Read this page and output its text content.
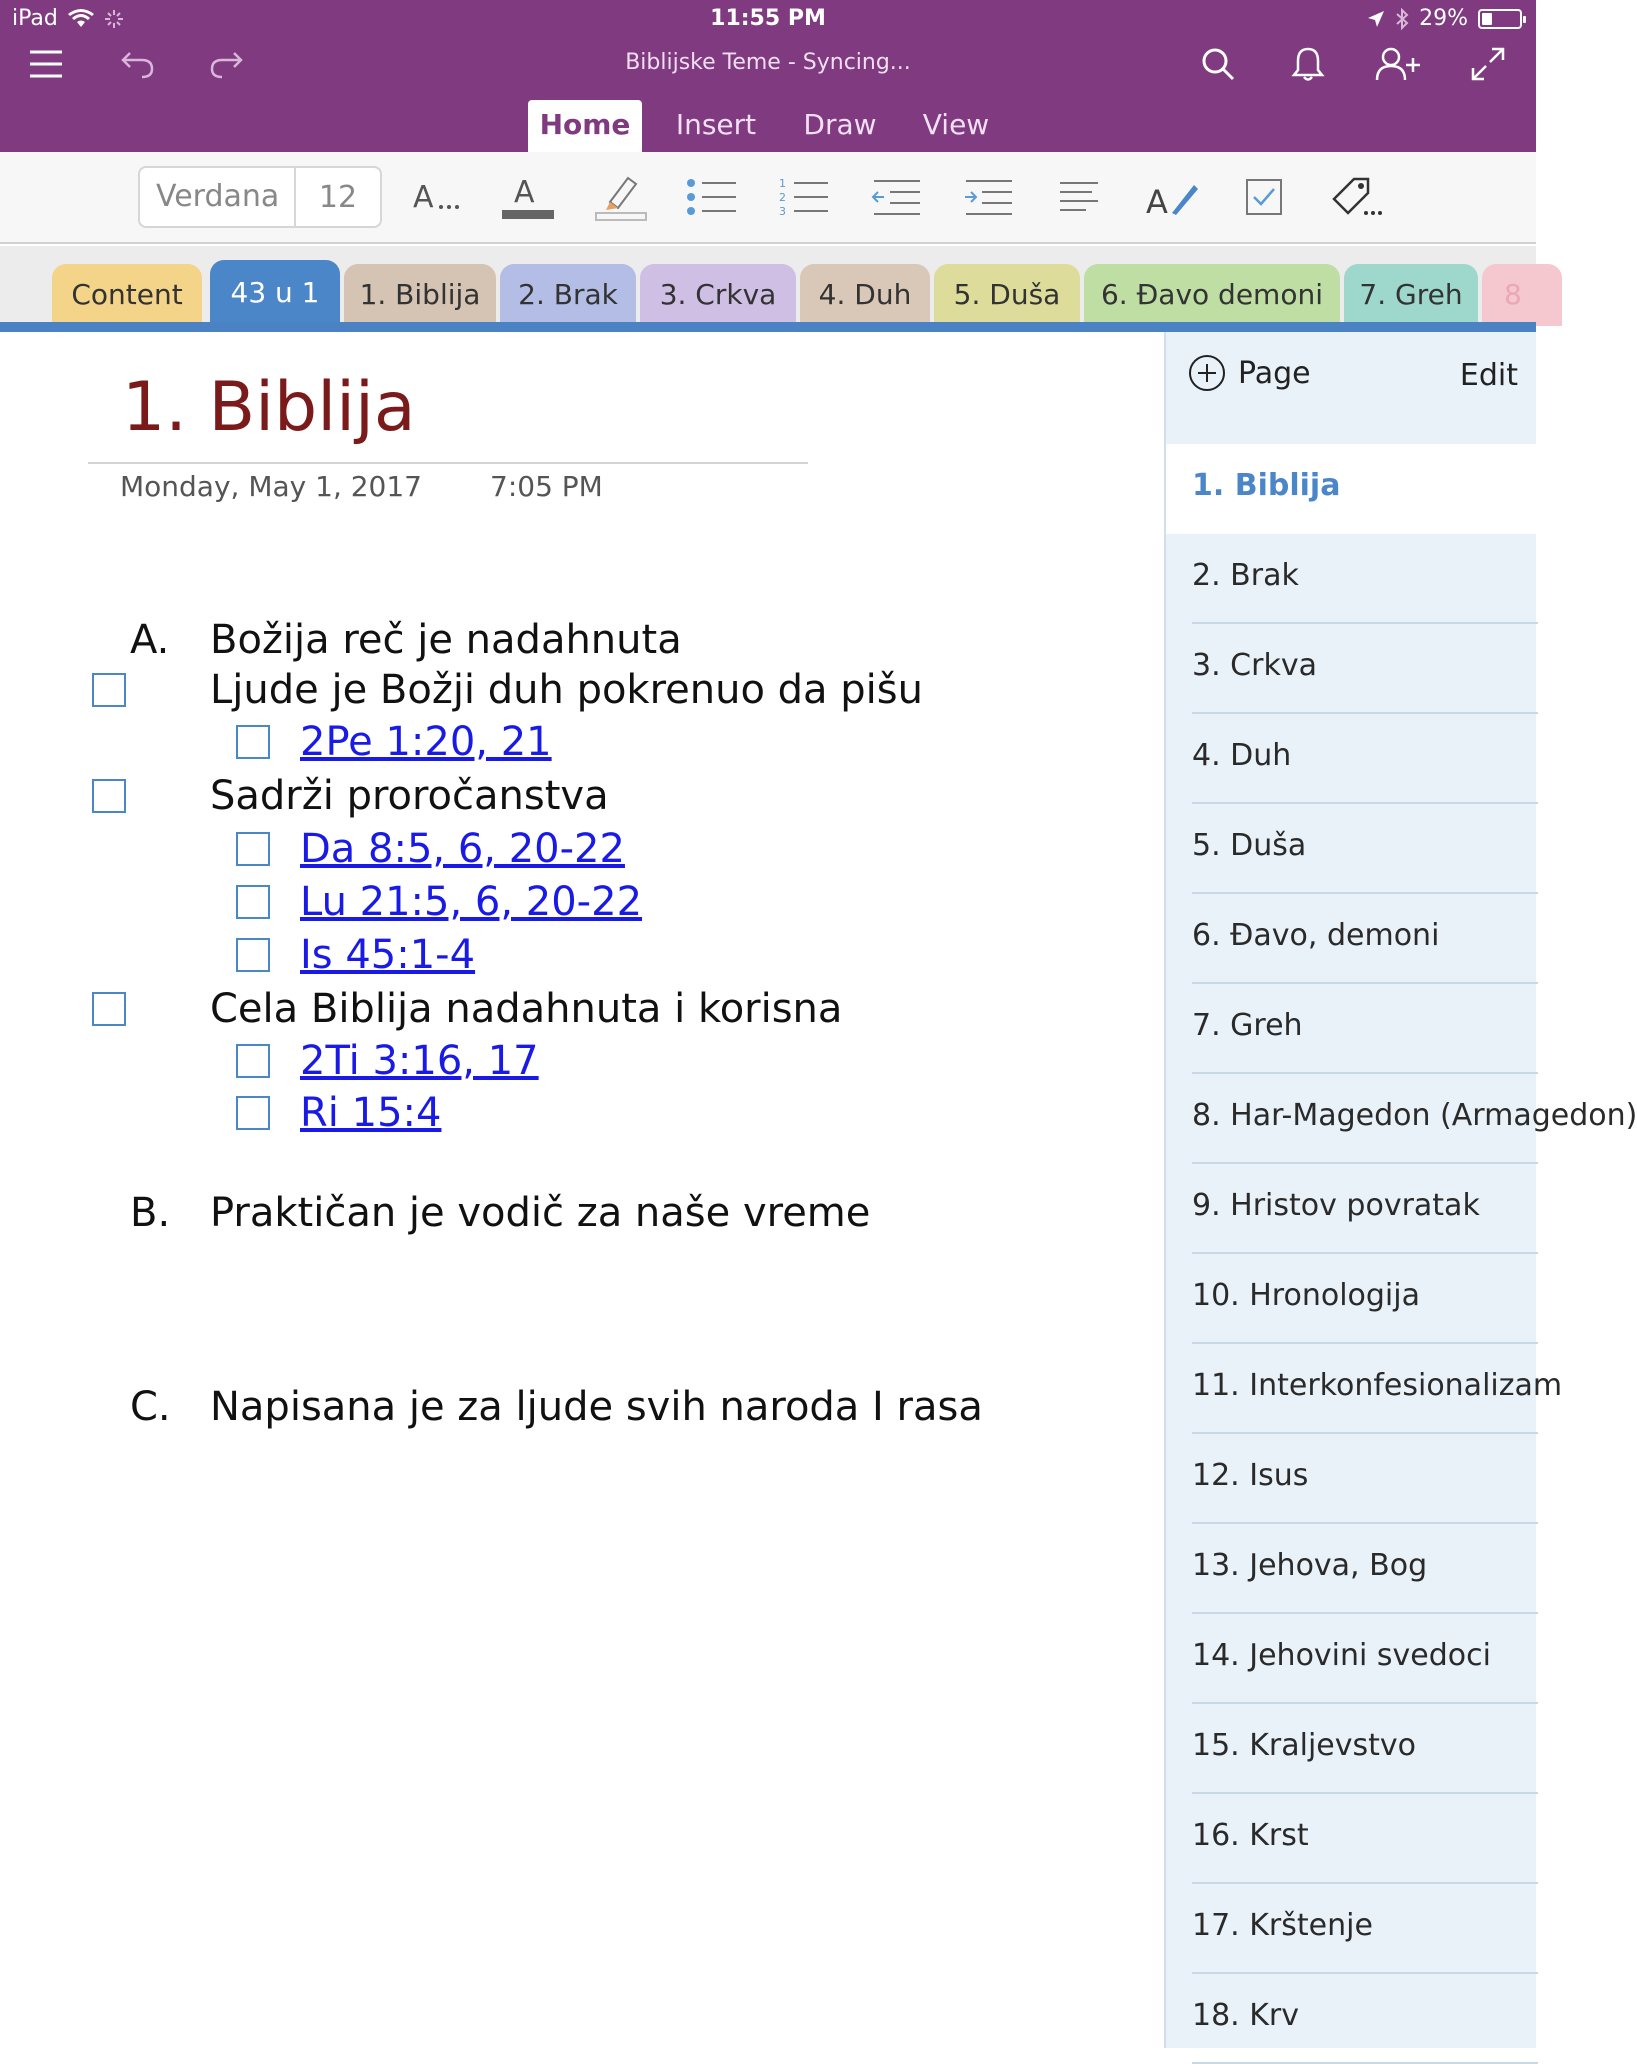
iPad	11:55 PM	29%
Biblijske Teme - Syncing...
Home	Insert	Draw	View
Verdana	12	A	A	1
2
3	A
Content	43 u 1	1. Biblija	2. Brak	3. Crkva	4. Duh	5. Duša	6. Đavo demoni	7. Greh	8
1. Biblija
Monday, May 1, 2017 7:05 PM
A. Božija reč je nadahnuta
Ljude je Božji duh pokrenuo da pišu
2Pe 1:20, 21
Sadrži proročanstva
Da 8:5, 6, 20-22
Lu 21:5, 6, 20-22
Is 45:1-4
Cela Biblija nadahnuta i korisna
2Ti 3:16, 17
Ri 15:4
B. Praktičan je vodič za naše vreme
C. Napisana je za ljude svih naroda I rasa
Page	Edit
1. Biblija
2. Brak
3. Crkva
4. Duh
5. Duša
6. Đavo, demoni
7. Greh
8. Har-Magedon (Armagedon)
9. Hristov povratak
10. Hronologija
11. Interkonfesionalizam
12. Isus
13. Jehova, Bog
14. Jehovini svedoci
15. Kraljevstvo
16. Krst
17. Krštenje
18. Krv
